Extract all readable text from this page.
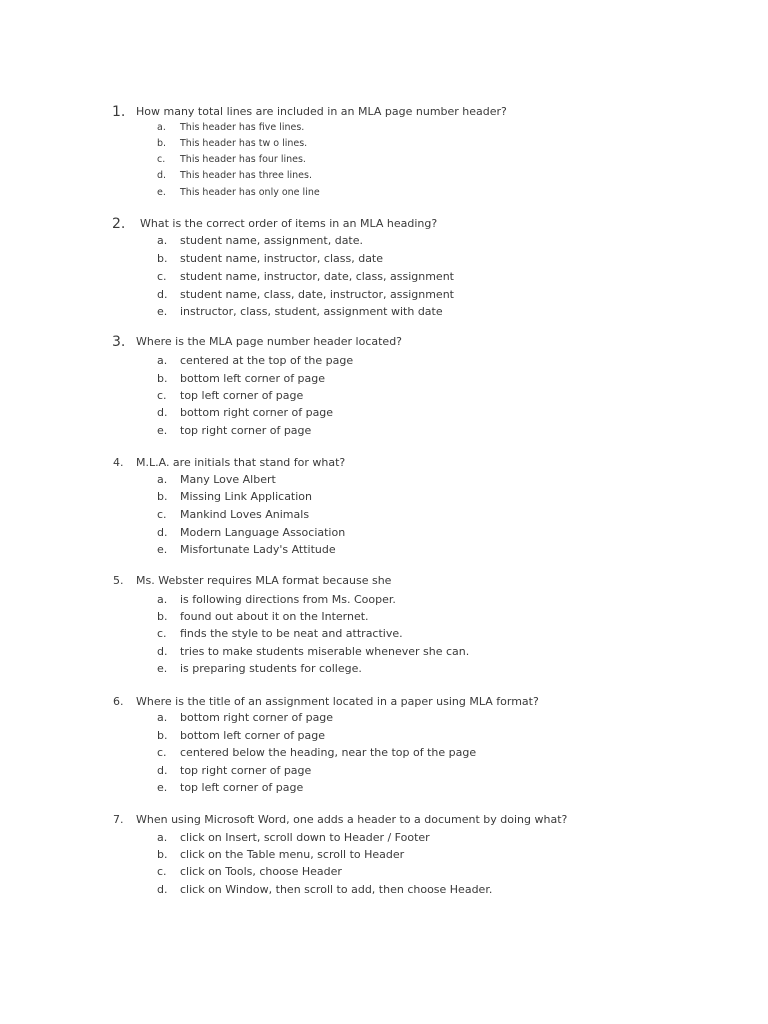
1. How many total lines are included in an MLA page number header?
a. This header has five lines.
b. This header has tw o lines.
c. This header has four lines.
d. This header has three lines.
e. This header has only one line
2. What is the correct order of items in an MLA heading?
a. student name, assignment, date.
b. student name, instructor, class, date
c. student name, instructor, date, class, assignment
d. student name, class, date, instructor, assignment
e. instructor, class, student, assignment with date
3. Where is the MLA page number header located?
a. centered at the top of the page
b. bottom left corner of page
c. top left corner of page
d. bottom right corner of page
e. top right corner of page
4. M.L.A. are initials that stand for what?
a. Many Love Albert
b. Missing Link Application
c. Mankind Loves Animals
d. Modern Language Association
e. Misfortunate Lady's Attitude
5. Ms. Webster requires MLA format because she
a. is following directions from Ms. Cooper.
b. found out about it on the Internet.
c. finds the style to be neat and attractive.
d. tries to make students miserable whenever she can.
e. is preparing students for college.
6. Where is the title of an assignment located in a paper using MLA format?
a. bottom right corner of page
b. bottom left corner of page
c. centered below the heading, near the top of the page
d. top right corner of page
e. top left corner of page
7. When using Microsoft Word, one adds a header to a document by doing what?
a. click on Insert, scroll down to Header / Footer
b. click on the Table menu, scroll to Header
c. click on Tools, choose Header
d. click on Window, then scroll to add, then choose Header.
